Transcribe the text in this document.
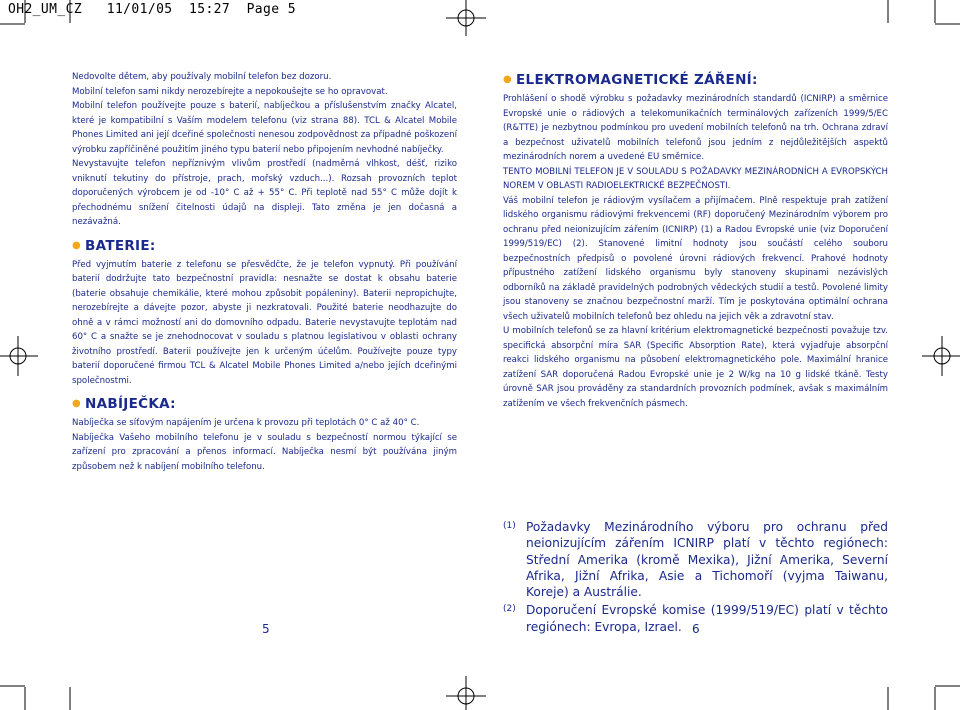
OH2_UM_CZ   11/01/05  15:27  Page 5

Nedovolte dětem, aby používaly mobilní telefon bez dozoru.

Mobilní telefon sami nikdy nerozebírejte a nepokoušejte se ho opravovat.

Mobilní telefon používejte pouze s baterií, nabíječkou a příslušenstvím značky Alcatel, které je kompatibilní s Vaším modelem telefonu (viz strana 88). TCL & Alcatel Mobile Phones Limited ani její dceřiné společnosti nenesou zodpovědnost za případné poškození výrobku zapříčiněné použitím jiného typu baterií nebo připojením nevhodné nabíječky.

Nevystavujte telefon nepříznivým vlivům prostředí (nadměrná vlhkost, déšť, riziko vniknutí tekutiny do přístroje, prach, mořský vzduch...). Rozsah provozních teplot doporučených výrobcem je od -10° C až + 55° C. Při teplotě nad 55° C může dojít k přechodnému snížení čitelnosti údajů na displeji. Tato změna je jen dočasná a nezávažná.

● BATERIE:

Před vyjmutím baterie z telefonu se přesvědčte, že je telefon vypnutý. Při používání baterií dodržujte tato bezpečnostní pravidla: nesnažte se dostat k obsahu baterie (baterie obsahuje chemikálie, které mohou způsobit popáleniny). Baterii nepropichujte, nerozebírejte a dávejte pozor, abyste ji nezkratovali. Použité baterie neodhazujte do ohně a v rámci možností ani do domovního odpadu. Baterie nevystavujte teplotám nad 60° C a snažte se je znehodnocovat v souladu s platnou legislativou v oblasti ochrany životního prostředí. Baterii používejte jen k určeným účelům. Používejte pouze typy baterií doporučené firmou TCL & Alcatel Mobile Phones Limited a/nebo jejích dceřinými společnostmi.

● NABÍJEČKA:

Nabíječka se síťovým napájením je určena k provozu při teplotách 0° C až 40° C.

Nabíječka Vašeho mobilního telefonu je v souladu s bezpečností normou týkající se zařízení pro zpracování a přenos informací. Nabíječka nesmí být používána jiným způsobem než k nabíjení mobilního telefonu.

● ELEKTROMAGNETICKÉ ZÁŘENÍ:

Prohlášení o shodě výrobku s požadavky mezinárodních standardů (ICNIRP) a směrnice Evropské unie o rádiových a telekomunikačních terminálových zařízeních 1999/5/EC (R&TTE) je nezbytnou podmínkou pro uvedení mobilních telefonů na trh. Ochrana zdraví a bezpečnost uživatelů mobilních telefonů jsou jedním z nejdůležitějších aspektů mezinárodních norem a uvedené EU směrnice.

TENTO MOBILNÍ TELEFON JE V SOULADU S POŽADAVKY MEZINÁRODNÍCH A EVROPSKÝCH NOREM V OBLASTI RADIOELEKTRICKÉ BEZPEČNOSTI.

Váš mobilní telefon je rádiovým vysílačem a přijímačem. Plně respektuje prah zatížení lidského organismu rádiovými frekvencemi (RF) doporučený Mezinárodním výborem pro ochranu před neionizujícím zářením (ICNIRP) (1) a Radou Evropské unie (viz Doporučení 1999/519/EC) (2). Stanovené limitní hodnoty jsou součástí celého souboru bezpečnostních předpisů o povolené úrovni rádiových frekvencí. Prahové hodnoty přípustného zatížení lidského organismu byly stanoveny skupinami nezávislých odborníků na základě pravidelných podrobných vědeckých studií a testů. Povolené limity jsou stanoveny se značnou bezpečnostní marží. Tím je poskytována optimální ochrana všech uživatelů mobilních telefonů bez ohledu na jejich věk a zdravotní stav.

U mobilních telefonů se za hlavní kritérium elektromagnetické bezpečnosti považuje tzv. specifická absorpční míra SAR (Specific Absorption Rate), která vyjadřuje absorpční reakci lidského organismu na působení elektromagnetického pole. Maximální hranice zatížení SAR doporučená Radou Evropské unie je 2 W/kg na 10 g lidské tkáně. Testy úrovně SAR jsou prováděny za standardních provozních podmínek, avšak s maximálním zatížením ve všech frekvenčních pásmech.

(1) Požadavky Mezinárodního výboru pro ochranu před neionizujícím zářením ICNIRP platí v těchto regiónech: Střední Amerika (kromě Mexika), Jižní Amerika, Severní Afrika, Jižní Afrika, Asie a Tichomoří (vyjma Taiwanu, Koreje) a Austrálie.
(2) Doporučení Evropské komise (1999/519/EC) platí v těchto regiónech: Evropa, Izrael.
5	6
